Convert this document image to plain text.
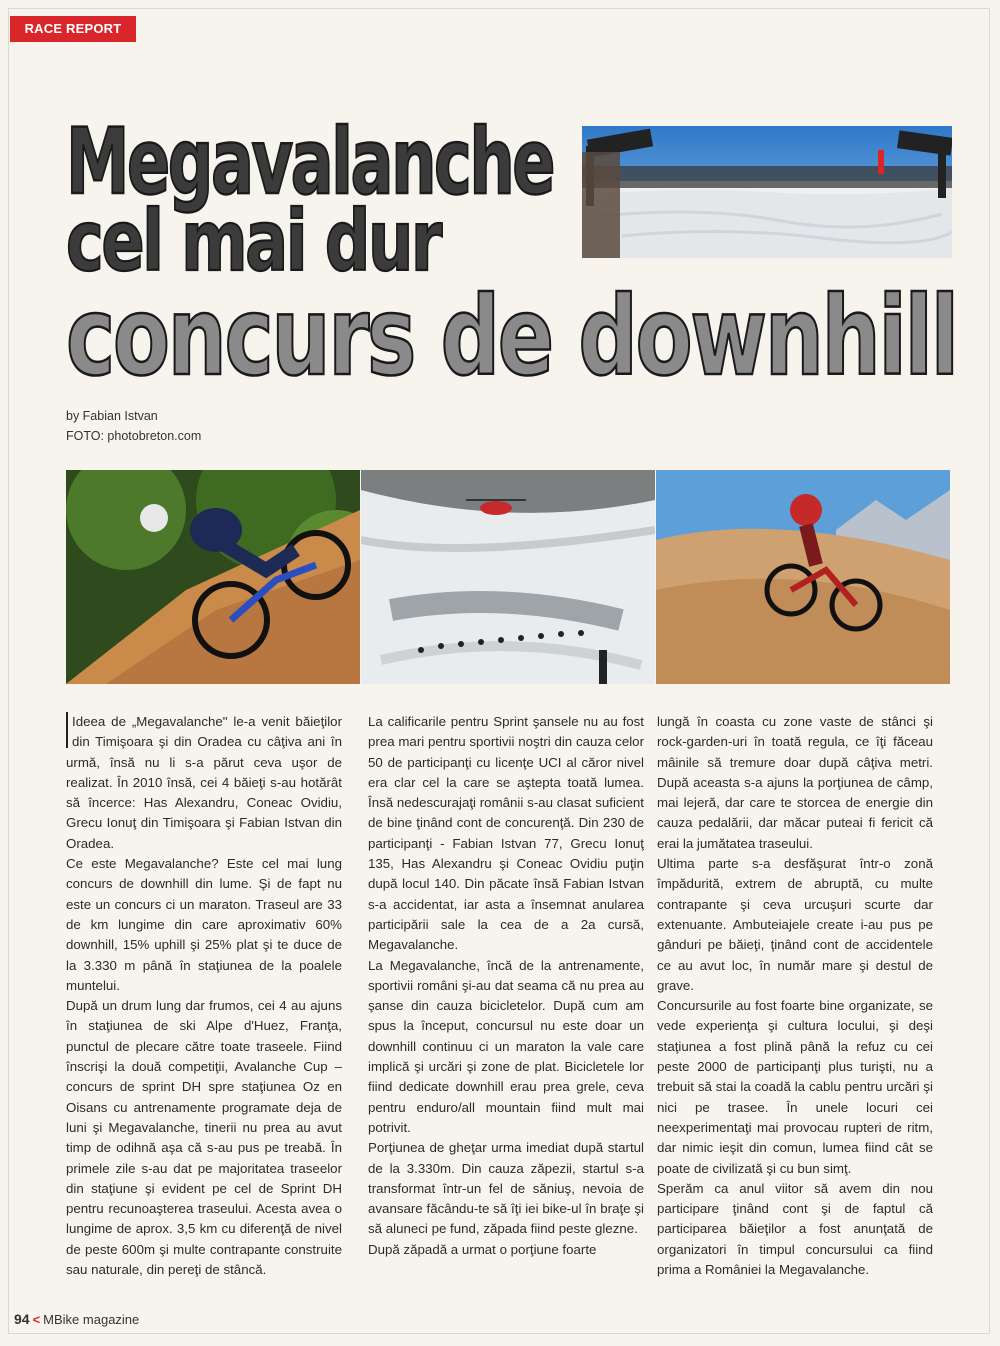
RACE REPORT
Megavalanche
cel mai dur
concurs de downhill
by Fabian Istvan
FOTO: photobreton.com

Ideea de „Megavalanche" le-a venit băieţilor din Timişoara şi din Oradea cu câţiva ani în urmă, însă nu li s-a părut ceva uşor de realizat. În 2010 însă, cei 4 băieţi s-au hotărât să încerce: Has Alexandru, Coneac Ovidiu, Grecu Ionuţ din Timişoara şi Fabian Istvan din Oradea.

Ce este Megavalanche? Este cel mai lung concurs de downhill din lume. Şi de fapt nu este un concurs ci un maraton. Traseul are 33 de km lungime din care aproximativ 60% downhill, 15% uphill şi 25% plat şi te duce de la 3.330 m până în staţiunea de la poalele muntelui.

După un drum lung dar frumos, cei 4 au ajuns în staţiunea de ski Alpe d'Huez, Franţa, punctul de plecare către toate traseele. Fiind înscrişi la două competiţii, Avalanche Cup – concurs de sprint DH spre staţiunea Oz en Oisans cu antrenamente programate deja de luni şi Megavalanche, tinerii nu prea au avut timp de odihnă aşa că s-au pus pe treabă. În primele zile s-au dat pe majoritatea traseelor din staţiune şi evident pe cel de Sprint DH pentru recunoaşterea traseului. Acesta avea o lungime de aprox. 3,5 km cu diferenţă de nivel de peste 600m şi multe contrapante construite sau naturale, din pereţi de stâncă.

La calificarile pentru Sprint şansele nu au fost prea mari pentru sportivii noştri din cauza celor 50 de participanţi cu licenţe UCI al căror nivel era clar cel la care se aştepta toată lumea. Însă nedescurajaţi românii s-au clasat suficient de bine ţinând cont de concurenţă. Din 230 de participanţi - Fabian Istvan 77, Grecu Ionuţ 135, Has Alexandru şi Coneac Ovidiu puţin după locul 140. Din păcate însă Fabian Istvan s-a accidentat, iar asta a însemnat anularea participării sale la cea de a 2a cursă, Megavalanche.

La Megavalanche, încă de la antrenamente, sportivii români şi-au dat seama că nu prea au şanse din cauza bicicletelor. După cum am spus la început, concursul nu este doar un downhill continuu ci un maraton la vale care implică şi urcări şi zone de plat. Bicicletele lor fiind dedicate downhill erau prea grele, ceva pentru enduro/all mountain fiind mult mai potrivit.

Porţiunea de gheţar urma imediat după startul de la 3.330m. Din cauza zăpezii, startul s-a transformat într-un fel de săniuş, nevoia de avansare făcându-te să îţi iei bike-ul în braţe şi să aluneci pe fund, zăpada fiind peste glezne.

După zăpadă a urmat o porţiune foarte

lungă în coasta cu zone vaste de stânci şi rock-garden-uri în toată regula, ce îţi făceau mâinile să tremure doar după câţiva metri. După aceasta s-a ajuns la porţiunea de câmp, mai lejeră, dar care te storcea de energie din cauza pedalării, dar măcar puteai fi fericit că erai la jumătatea traseului.

Ultima parte s-a desfăşurat într-o zonă împădurită, extrem de abruptă, cu multe contrapante şi ceva urcuşuri scurte dar extenuante. Ambuteiajele create i-au pus pe gânduri pe băieţi, ţinând cont de accidentele ce au avut loc, în număr mare şi destul de grave.

Concursurile au fost foarte bine organizate, se vede experienţa şi cultura locului, şi deşi staţiunea a fost plină până la refuz cu cei peste 2000 de participanţi plus turişti, nu a trebuit să stai la coadă la cablu pentru urcări şi nici pe trasee. În unele locuri cei neexperimentaţi mai provocau rupteri de ritm, dar nimic ieşit din comun, lumea fiind cât se poate de civilizată şi cu bun simţ.

Sperăm ca anul viitor să avem din nou participare ţinând cont şi de faptul că participarea băieţilor a fost anunţată de organizatori în timpul concursului ca fiind prima a României la Megavalanche.

94 < MBike magazine
